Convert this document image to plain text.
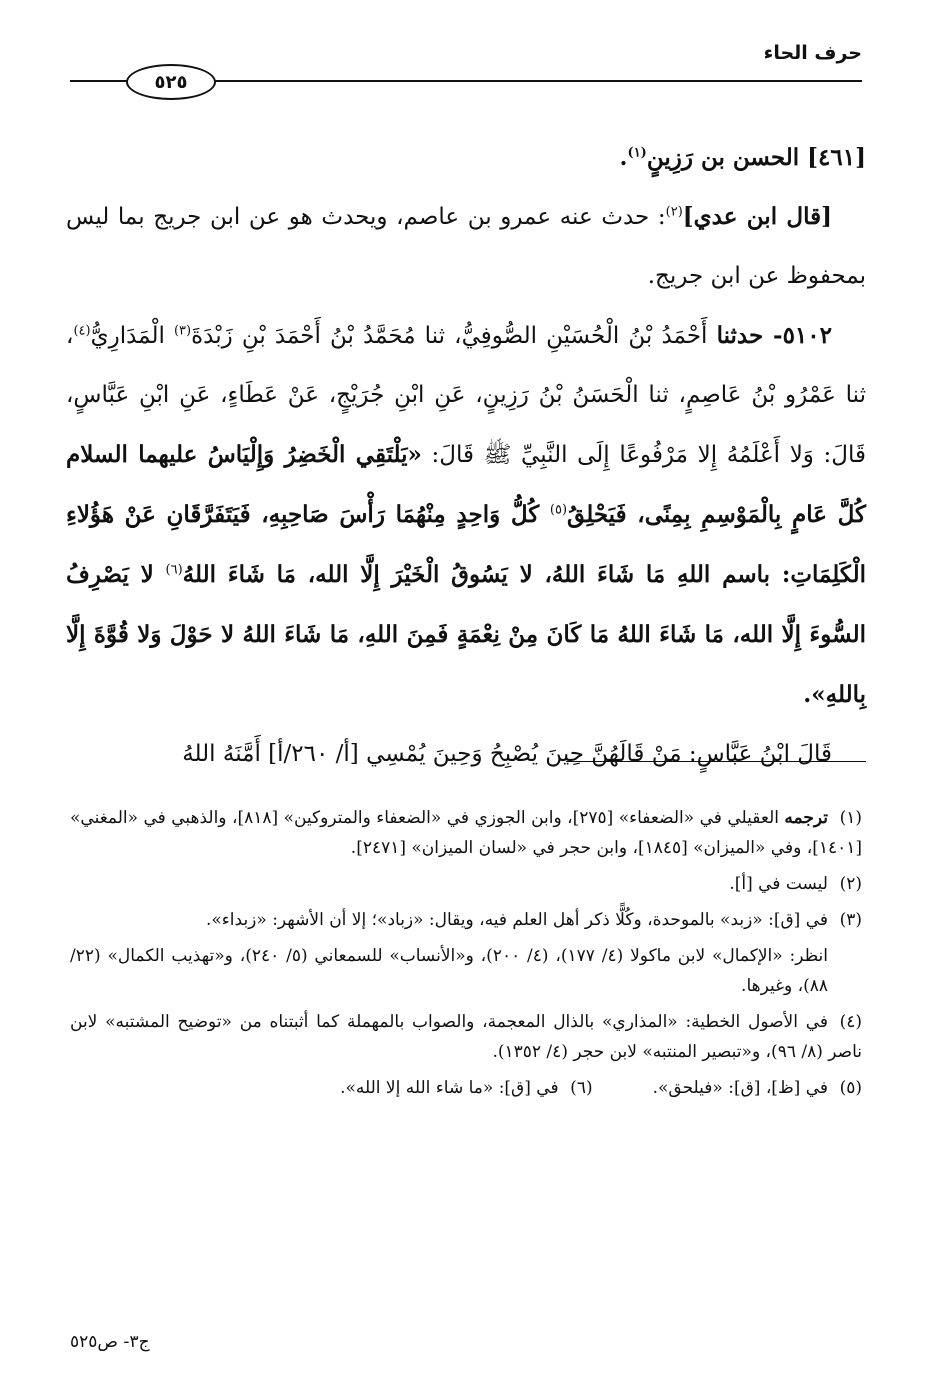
حرف الحاء
٥٢٥

[٤٦١] الحسن بن رَزِينٍ$^{(١)}$.

[قال ابن عدي]$^{(٢)}$: حدث عنه عمرو بن عاصم، ويحدث هو عن ابن جريج بما ليس بمحفوظ عن ابن جريج.

٥١٠٢- حدثنا أَحْمَدُ بْنُ الْحُسَيْنِ الصُّوفِيُّ، ثنا مُحَمَّدُ بْنُ أَحْمَدَ بْنِ زَبْدَةَ$^{(٣)}$ الْمَدَارِيُّ$^{(٤)}$، ثنا عَمْرُو بْنُ عَاصِمٍ، ثنا الْحَسَنُ بْنُ رَزِينٍ، عَنِ ابْنِ جُرَيْجٍ، عَنْ عَطَاءٍ، عَنِ ابْنِ عَبَّاسٍ، قَالَ: وَلا أَعْلَمُهُ إِلا مَرْفُوعًا إِلَى النَّبِيِّ ﷺ قَالَ: «يَلْتَقِي الْخَضِرُ وَإِلْيَاسُ عليهما السلام كُلَّ عَامٍ بِالْمَوْسِمِ بِمِنًى، فَيَحْلِقُ$^{(٥)}$ كُلُّ وَاحِدٍ مِنْهُمَا رَأْسَ صَاحِبِهِ، فَيَتَفَرَّقَانِ عَنْ هَؤُلاءِ الْكَلِمَاتِ: باسم اللهِ مَا شَاءَ اللهُ، لا يَسُوقُ الْخَيْرَ إِلَّا الله، مَا شَاءَ اللهُ$^{(٦)}$ لا يَصْرِفُ السُّوءَ إِلَّا الله، مَا شَاءَ اللهُ مَا كَانَ مِنْ نِعْمَةٍ فَمِنَ اللهِ، مَا شَاءَ اللهُ لا حَوْلَ وَلا قُوَّةَ إِلَّا بِاللهِ».

قَالَ ابْنُ عَبَّاسٍ: مَنْ قَالَهُنَّ حِينَ يُصْبِحُ وَحِينَ يُمْسِي [أ/ ٢٦٠/أ] أَمَّنَهُ اللهُ

(١)ترجمه العقيلي في «الضعفاء» [٢٧٥]، وابن الجوزي في «الضعفاء والمتروكين» [٨١٨]، والذهبي في «المغني» [١٤٠١]، وفي «الميزان» [١٨٤٥]، وابن حجر في «لسان الميزان» [٢٤٧١].

(٢)ليست في [أ].

(٣)في [ق]: «زبد» بالموحدة، وكُلًّا ذكر أهل العلم فيه، ويقال: «زباد»؛ إلا أن الأشهر: «زبداء».

انظر: «الإكمال» لابن ماكولا (٤/ ١٧٧)، (٤/ ٢٠٠)، و«الأنساب» للسمعاني (٥/ ٢٤٠)، و«تهذيب الكمال» (٢٢/ ٨٨)، وغيرها.

(٤)في الأصول الخطية: «المذاري» بالذال المعجمة، والصواب بالمهملة كما أثبتناه من «توضيح المشتبه» لابن ناصر (٨/ ٩٦)، و«تبصير المنتبه» لابن حجر (٤/ ١٣٥٢).

(٥)في [ظ]، [ق]: «فيلحق».
(٦)في [ق]: «ما شاء الله إلا الله».
ج٣- ص٥٢٥
